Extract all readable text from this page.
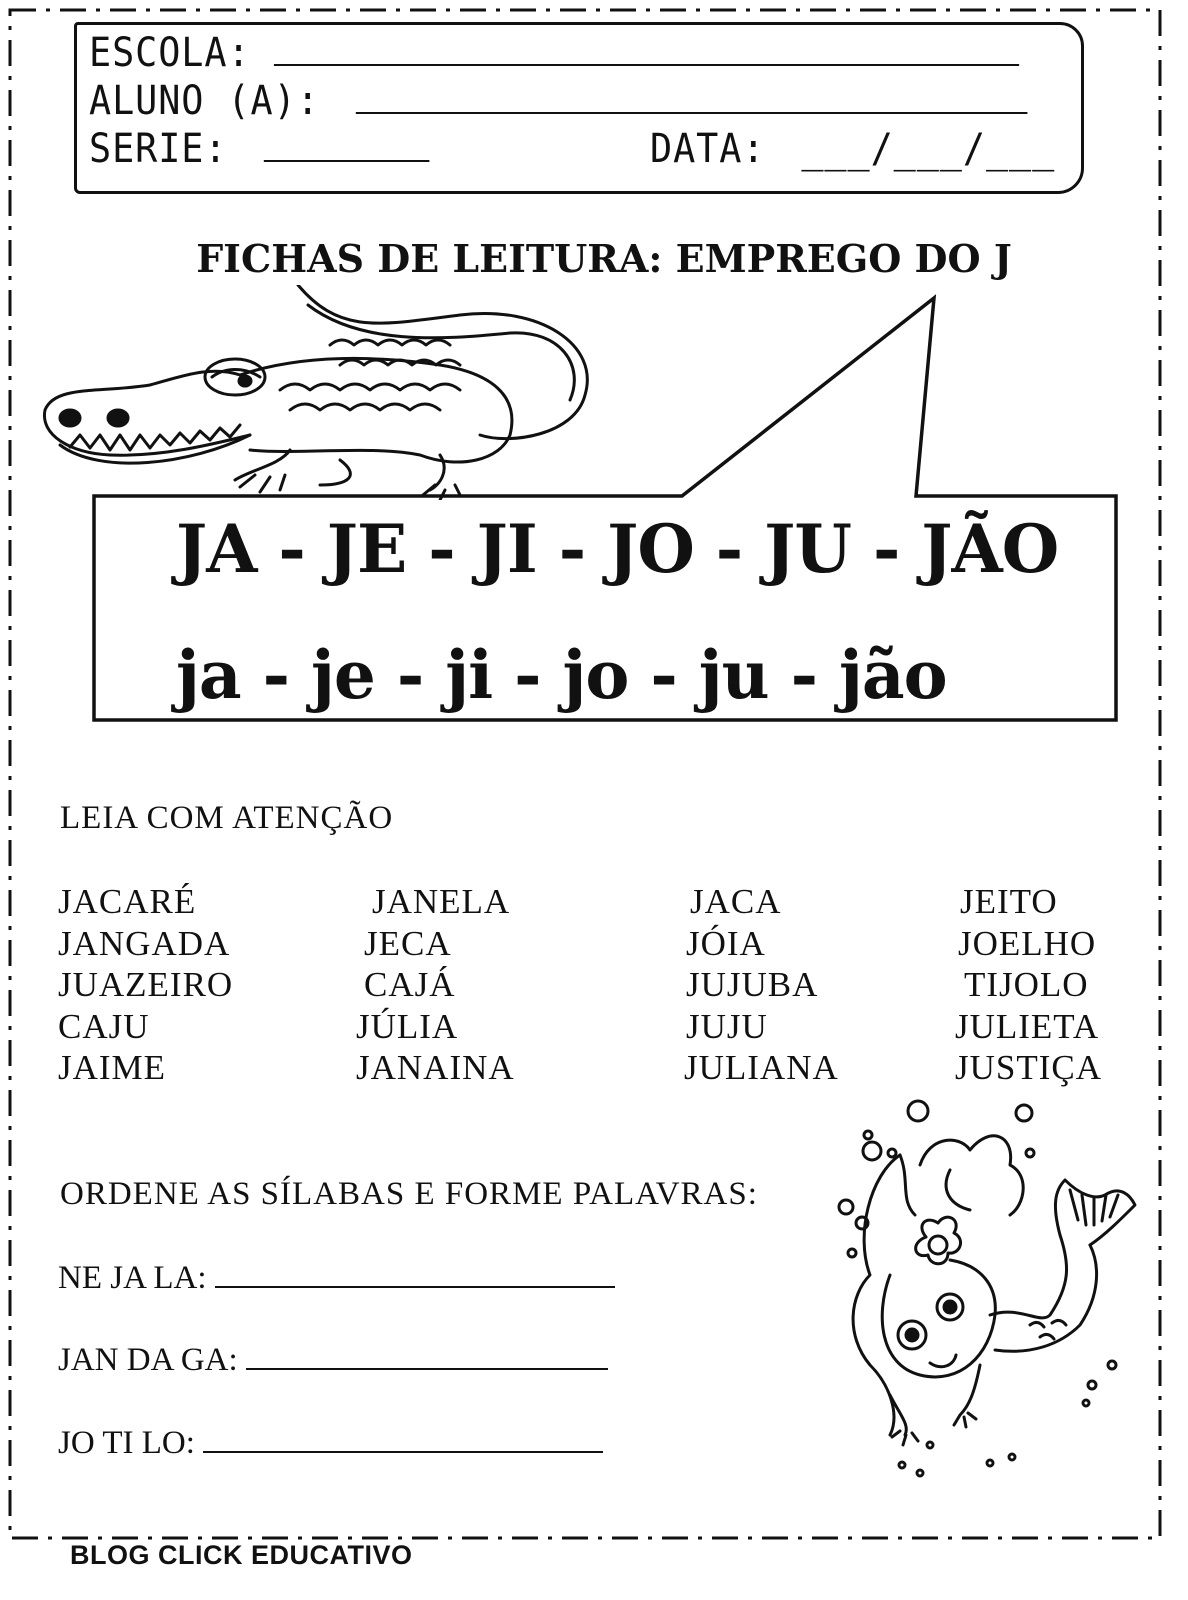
ESCOLA:
ALUNO (A):
SERIE:	DATA: ___/___/___
FICHAS DE LEITURA: EMPREGO DO J
JA - JE - JI - JO - JU - JÃO
ja - je - ji - jo - ju - jão
LEIA COM ATENÇÃO
JACARÉ
JANGADA
JUAZEIRO
CAJU
JAIME
JANELA
JECA
CAJÁ
JÚLIA
JANAINA
JACA
JÓIA
JUJUBA
JUJU
JULIANA
JEITO
JOELHO
TIJOLO
JULIETA
JUSTIÇA
ORDENE AS SÍLABAS E FORME PALAVRAS:
NE JA LA:
JAN DA GA:
JO TI LO:
BLOG CLICK EDUCATIVO
